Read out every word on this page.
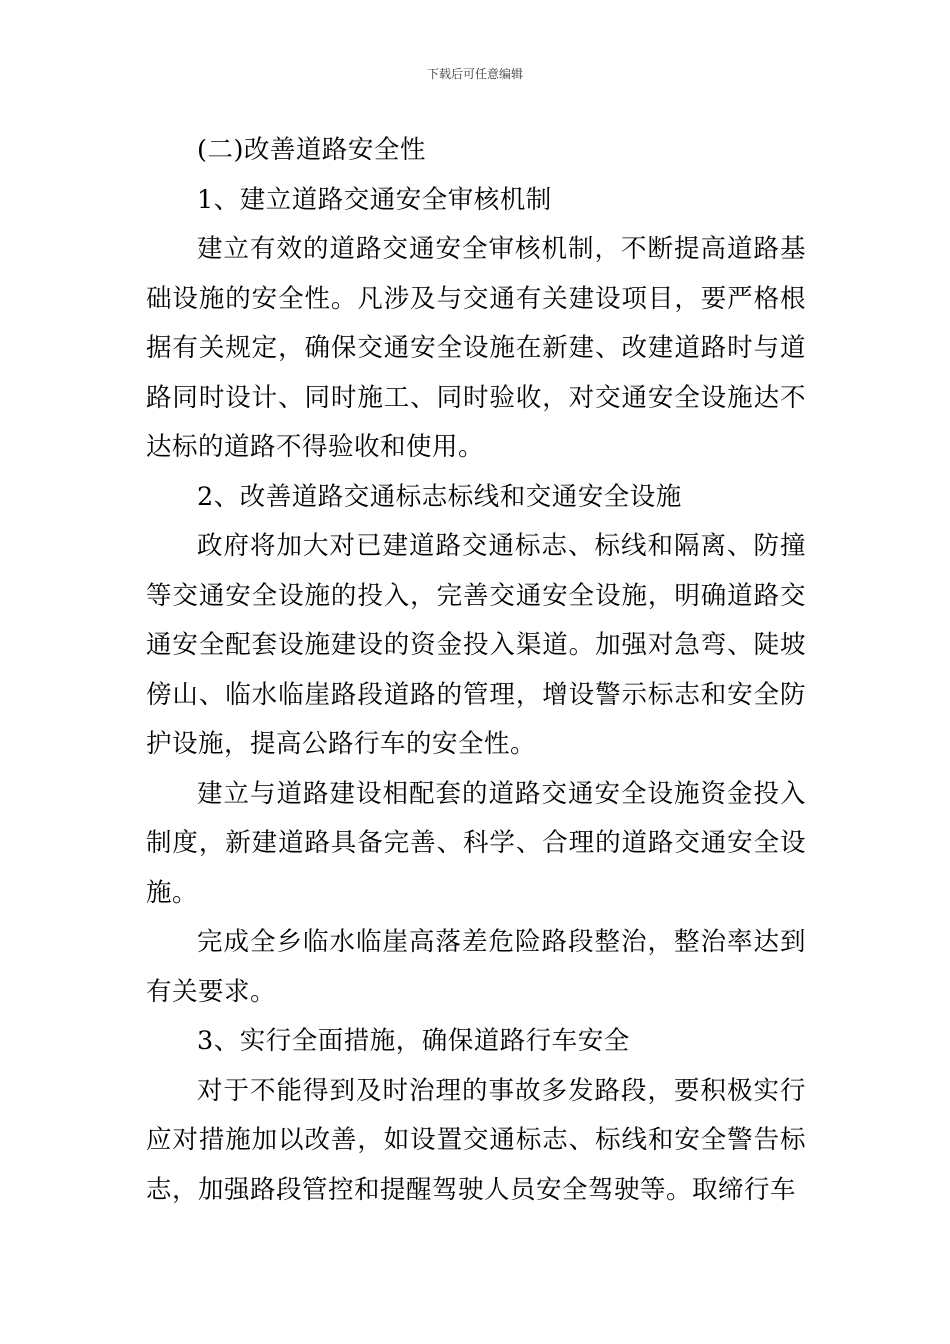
下载后可任意编辑

(二)改善道路安全性

1、建立道路交通安全审核机制

建立有效的道路交通安全审核机制，不断提高道路基础设施的安全性。凡涉及与交通有关建设项目，要严格根据有关规定，确保交通安全设施在新建、改建道路时与道路同时设计、同时施工、同时验收，对交通安全设施达不达标的道路不得验收和使用。

2、改善道路交通标志标线和交通安全设施

政府将加大对已建道路交通标志、标线和隔离、防撞等交通安全设施的投入，完善交通安全设施，明确道路交通安全配套设施建设的资金投入渠道。加强对急弯、陡坡傍山、临水临崖路段道路的管理，增设警示标志和安全防护设施，提高公路行车的安全性。

建立与道路建设相配套的道路交通安全设施资金投入制度，新建道路具备完善、科学、合理的道路交通安全设施。

完成全乡临水临崖高落差危险路段整治，整治率达到有关要求。

3、实行全面措施，确保道路行车安全

对于不能得到及时治理的事故多发路段，要积极实行应对措施加以改善，如设置交通标志、标线和安全警告标志，加强路段管控和提醒驾驶人员安全驾驶等。取缔行车
